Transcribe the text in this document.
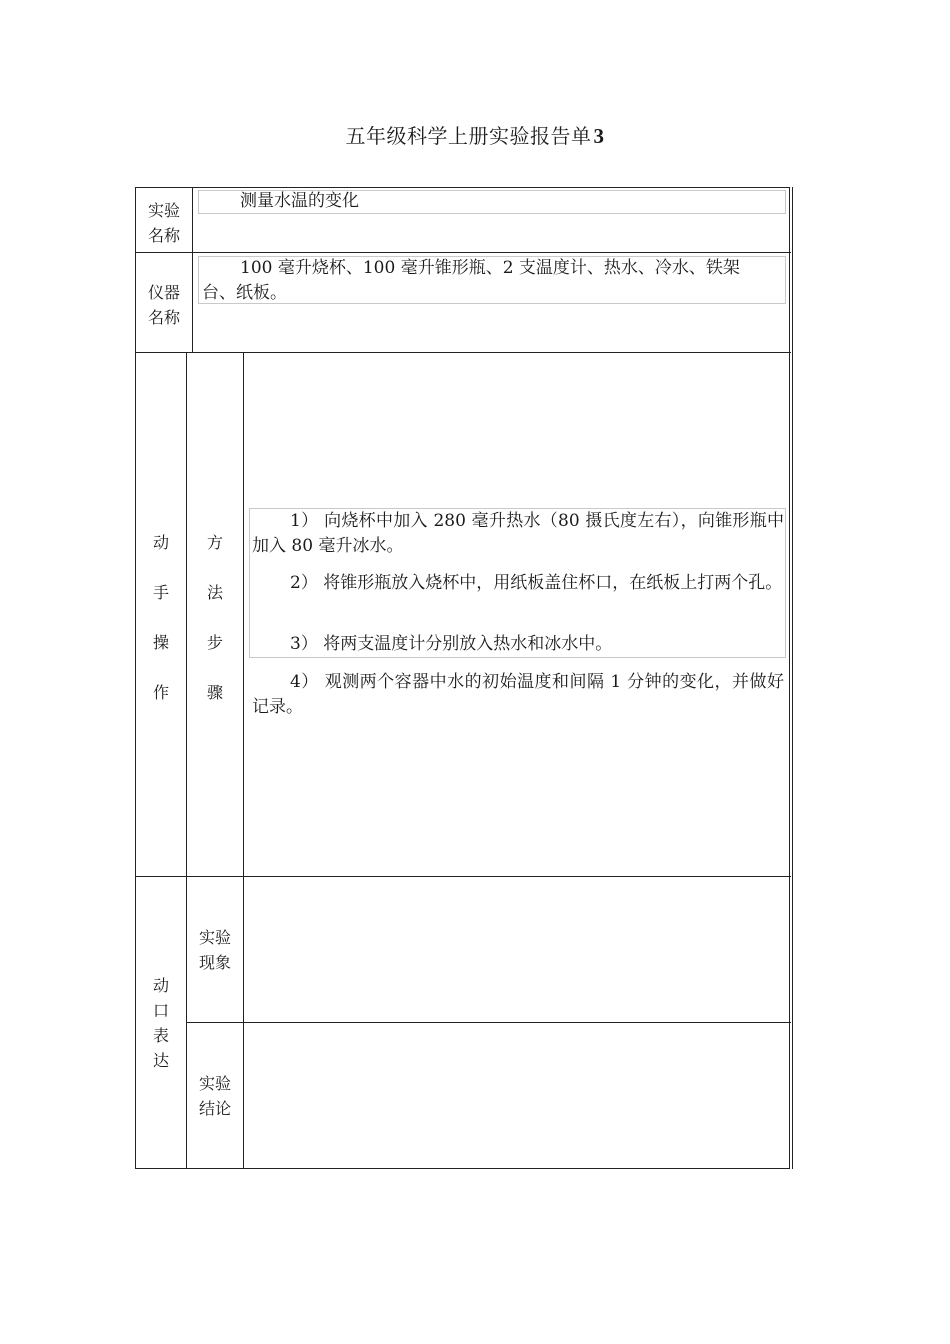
五年级科学上册实验报告单3
实验
名称
测量水温的变化
仪器
名称
100 毫升烧杯、100 毫升锥形瓶、2 支温度计、热水、冷水、铁架
台、纸板。
动
手
操
作
方
法
步
骤
1） 向烧杯中加入 280 毫升热水（80 摄氏度左右），向锥形瓶中加入 80 毫升冰水。
2） 将锥形瓶放入烧杯中，用纸板盖住杯口，在纸板上打两个孔。
3） 将两支温度计分别放入热水和冰水中。
4） 观测两个容器中水的初始温度和间隔 1 分钟的变化，并做好记录。
动
口
表
达
实验
现象
实验
结论
